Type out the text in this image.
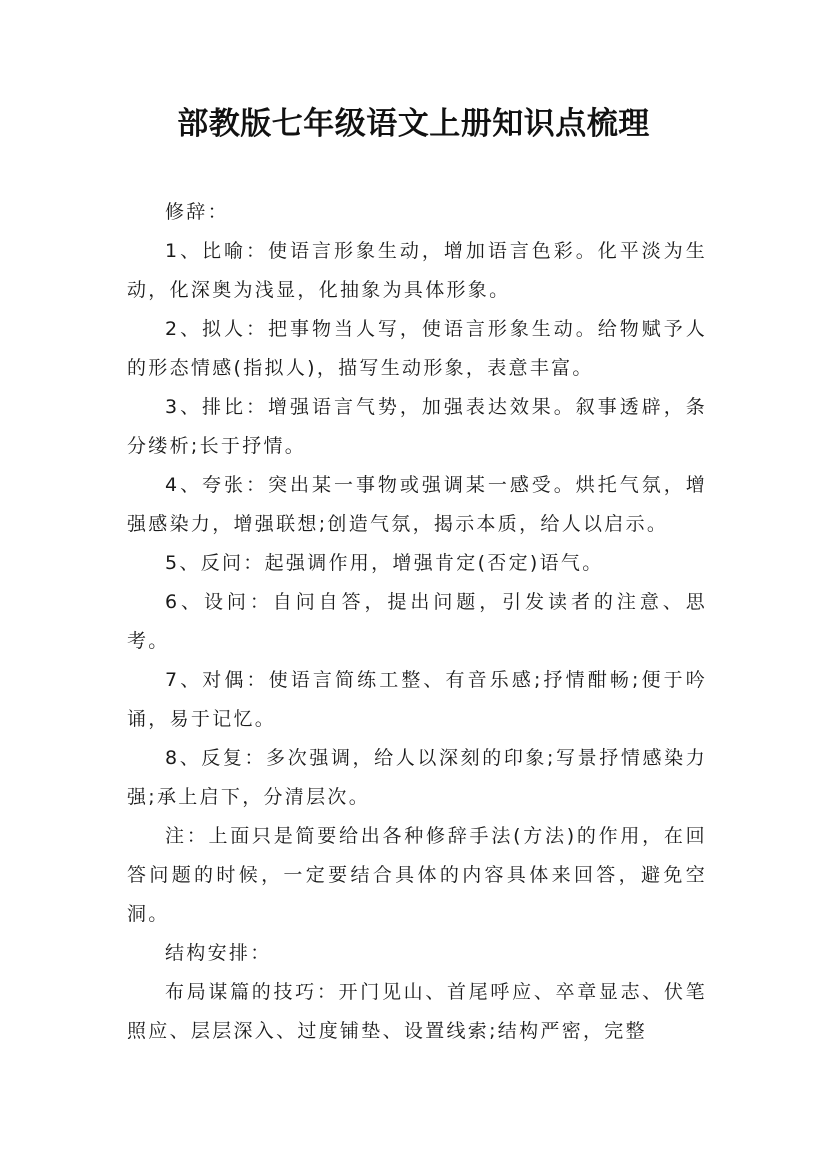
部教版七年级语文上册知识点梳理

修辞：

1、比喻：使语言形象生动，增加语言色彩。化平淡为生动，化深奥为浅显，化抽象为具体形象。

2、拟人：把事物当人写，使语言形象生动。给物赋予人的形态情感(指拟人)，描写生动形象，表意丰富。

3、排比：增强语言气势，加强表达效果。叙事透辟，条分缕析;长于抒情。

4、夸张：突出某一事物或强调某一感受。烘托气氛，增强感染力，增强联想;创造气氛，揭示本质，给人以启示。

5、反问：起强调作用，增强肯定(否定)语气。

6、设问：自问自答，提出问题，引发读者的注意、思考。

7、对偶：使语言简练工整、有音乐感;抒情酣畅;便于吟诵，易于记忆。

8、反复：多次强调，给人以深刻的印象;写景抒情感染力强;承上启下，分清层次。

注：上面只是简要给出各种修辞手法(方法)的作用，在回答问题的时候，一定要结合具体的内容具体来回答，避免空洞。

结构安排：

布局谋篇的技巧：开门见山、首尾呼应、卒章显志、伏笔照应、层层深入、过度铺垫、设置线索;结构严密，完整
